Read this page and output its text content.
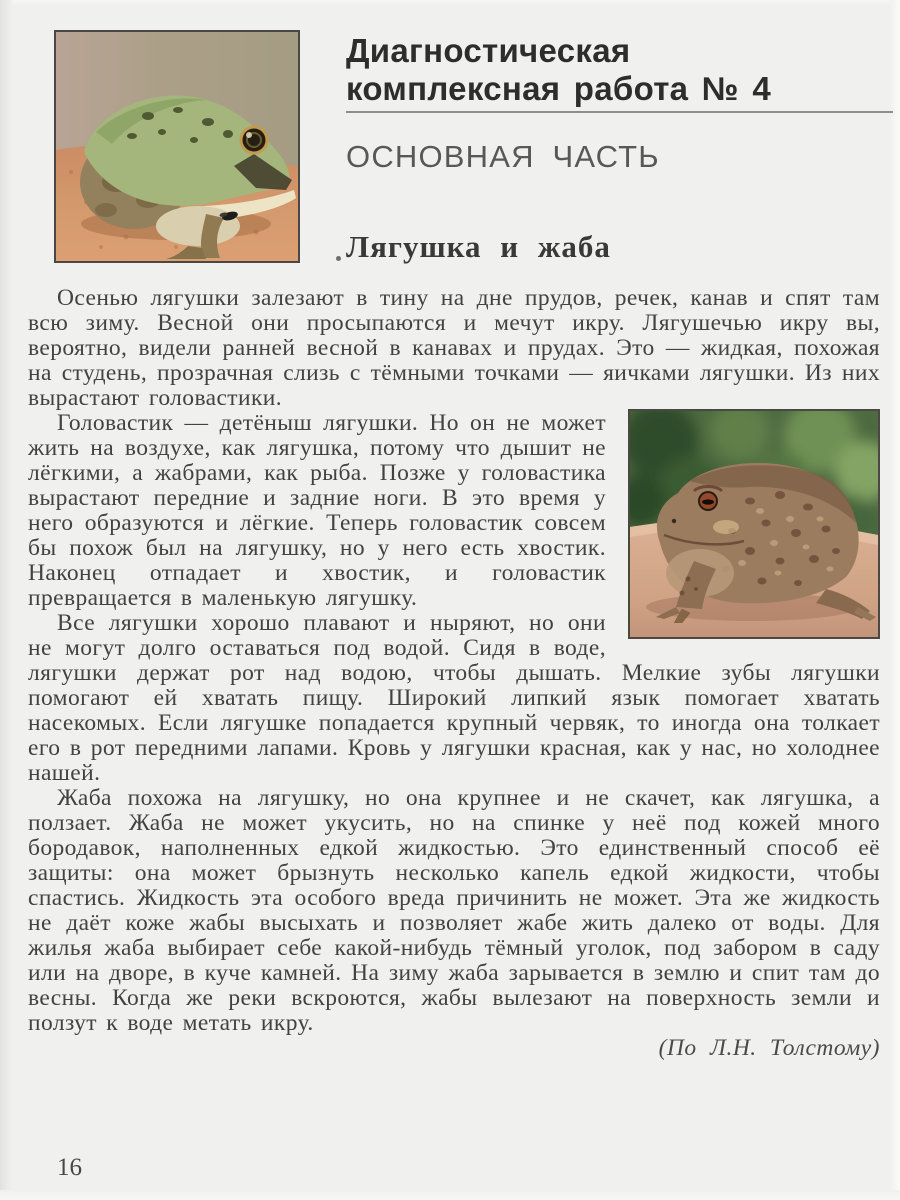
Диагностическая
комплексная работа № 4
ОСНОВНАЯ ЧАСТЬ
Лягушка и жаба

Осенью лягушки залезают в тину на дне прудов, речек, канав и спят там всю зиму. Весной они просыпаются и мечут икру. Лягушечью икру вы, вероятно, видели ранней весной в канавах и прудах. Это — жидкая, похожая на студень, прозрачная слизь с тёмными точками — яичками лягушки. Из них вырастают головастики.

Головастик — детёныш лягушки. Но он не может жить на воздухе, как лягушка, потому что дышит не лёгкими, а жабрами, как рыба. Позже у головастика вырастают передние и задние ноги. В это время у него образуются и лёгкие. Теперь головастик совсем бы похож был на лягушку, но у него есть хвостик. Наконец отпадает и хвостик, и головастик превращается в маленькую лягушку.

Все лягушки хорошо плавают и ныряют, но они не могут долго оставаться под водой. Сидя в воде, лягушки держат рот над водою, чтобы дышать. Мелкие зубы лягушки помогают ей хватать пищу. Широкий липкий язык помогает хватать насекомых. Если лягушке попадается крупный червяк, то иногда она толкает его в рот передними лапами. Кровь у лягушки красная, как у нас, но холоднее нашей.

Жаба похожа на лягушку, но она крупнее и не скачет, как лягушка, а ползает. Жаба не может укусить, но на спинке у неё под кожей много бородавок, наполненных едкой жидкостью. Это единственный способ её защиты: она может брызнуть несколько капель едкой жидкости, чтобы спастись. Жидкость эта особого вреда причинить не может. Эта же жидкость не даёт коже жабы высыхать и позволяет жабе жить далеко от воды. Для жилья жаба выбирает себе какой-нибудь тёмный уголок, под забором в саду или на дворе, в куче камней. На зиму жаба зарывается в землю и спит там до весны. Когда же реки вскроются, жабы вылезают на поверхность земли и ползут к воде метать икру.

(По Л.Н. Толстому)

16
